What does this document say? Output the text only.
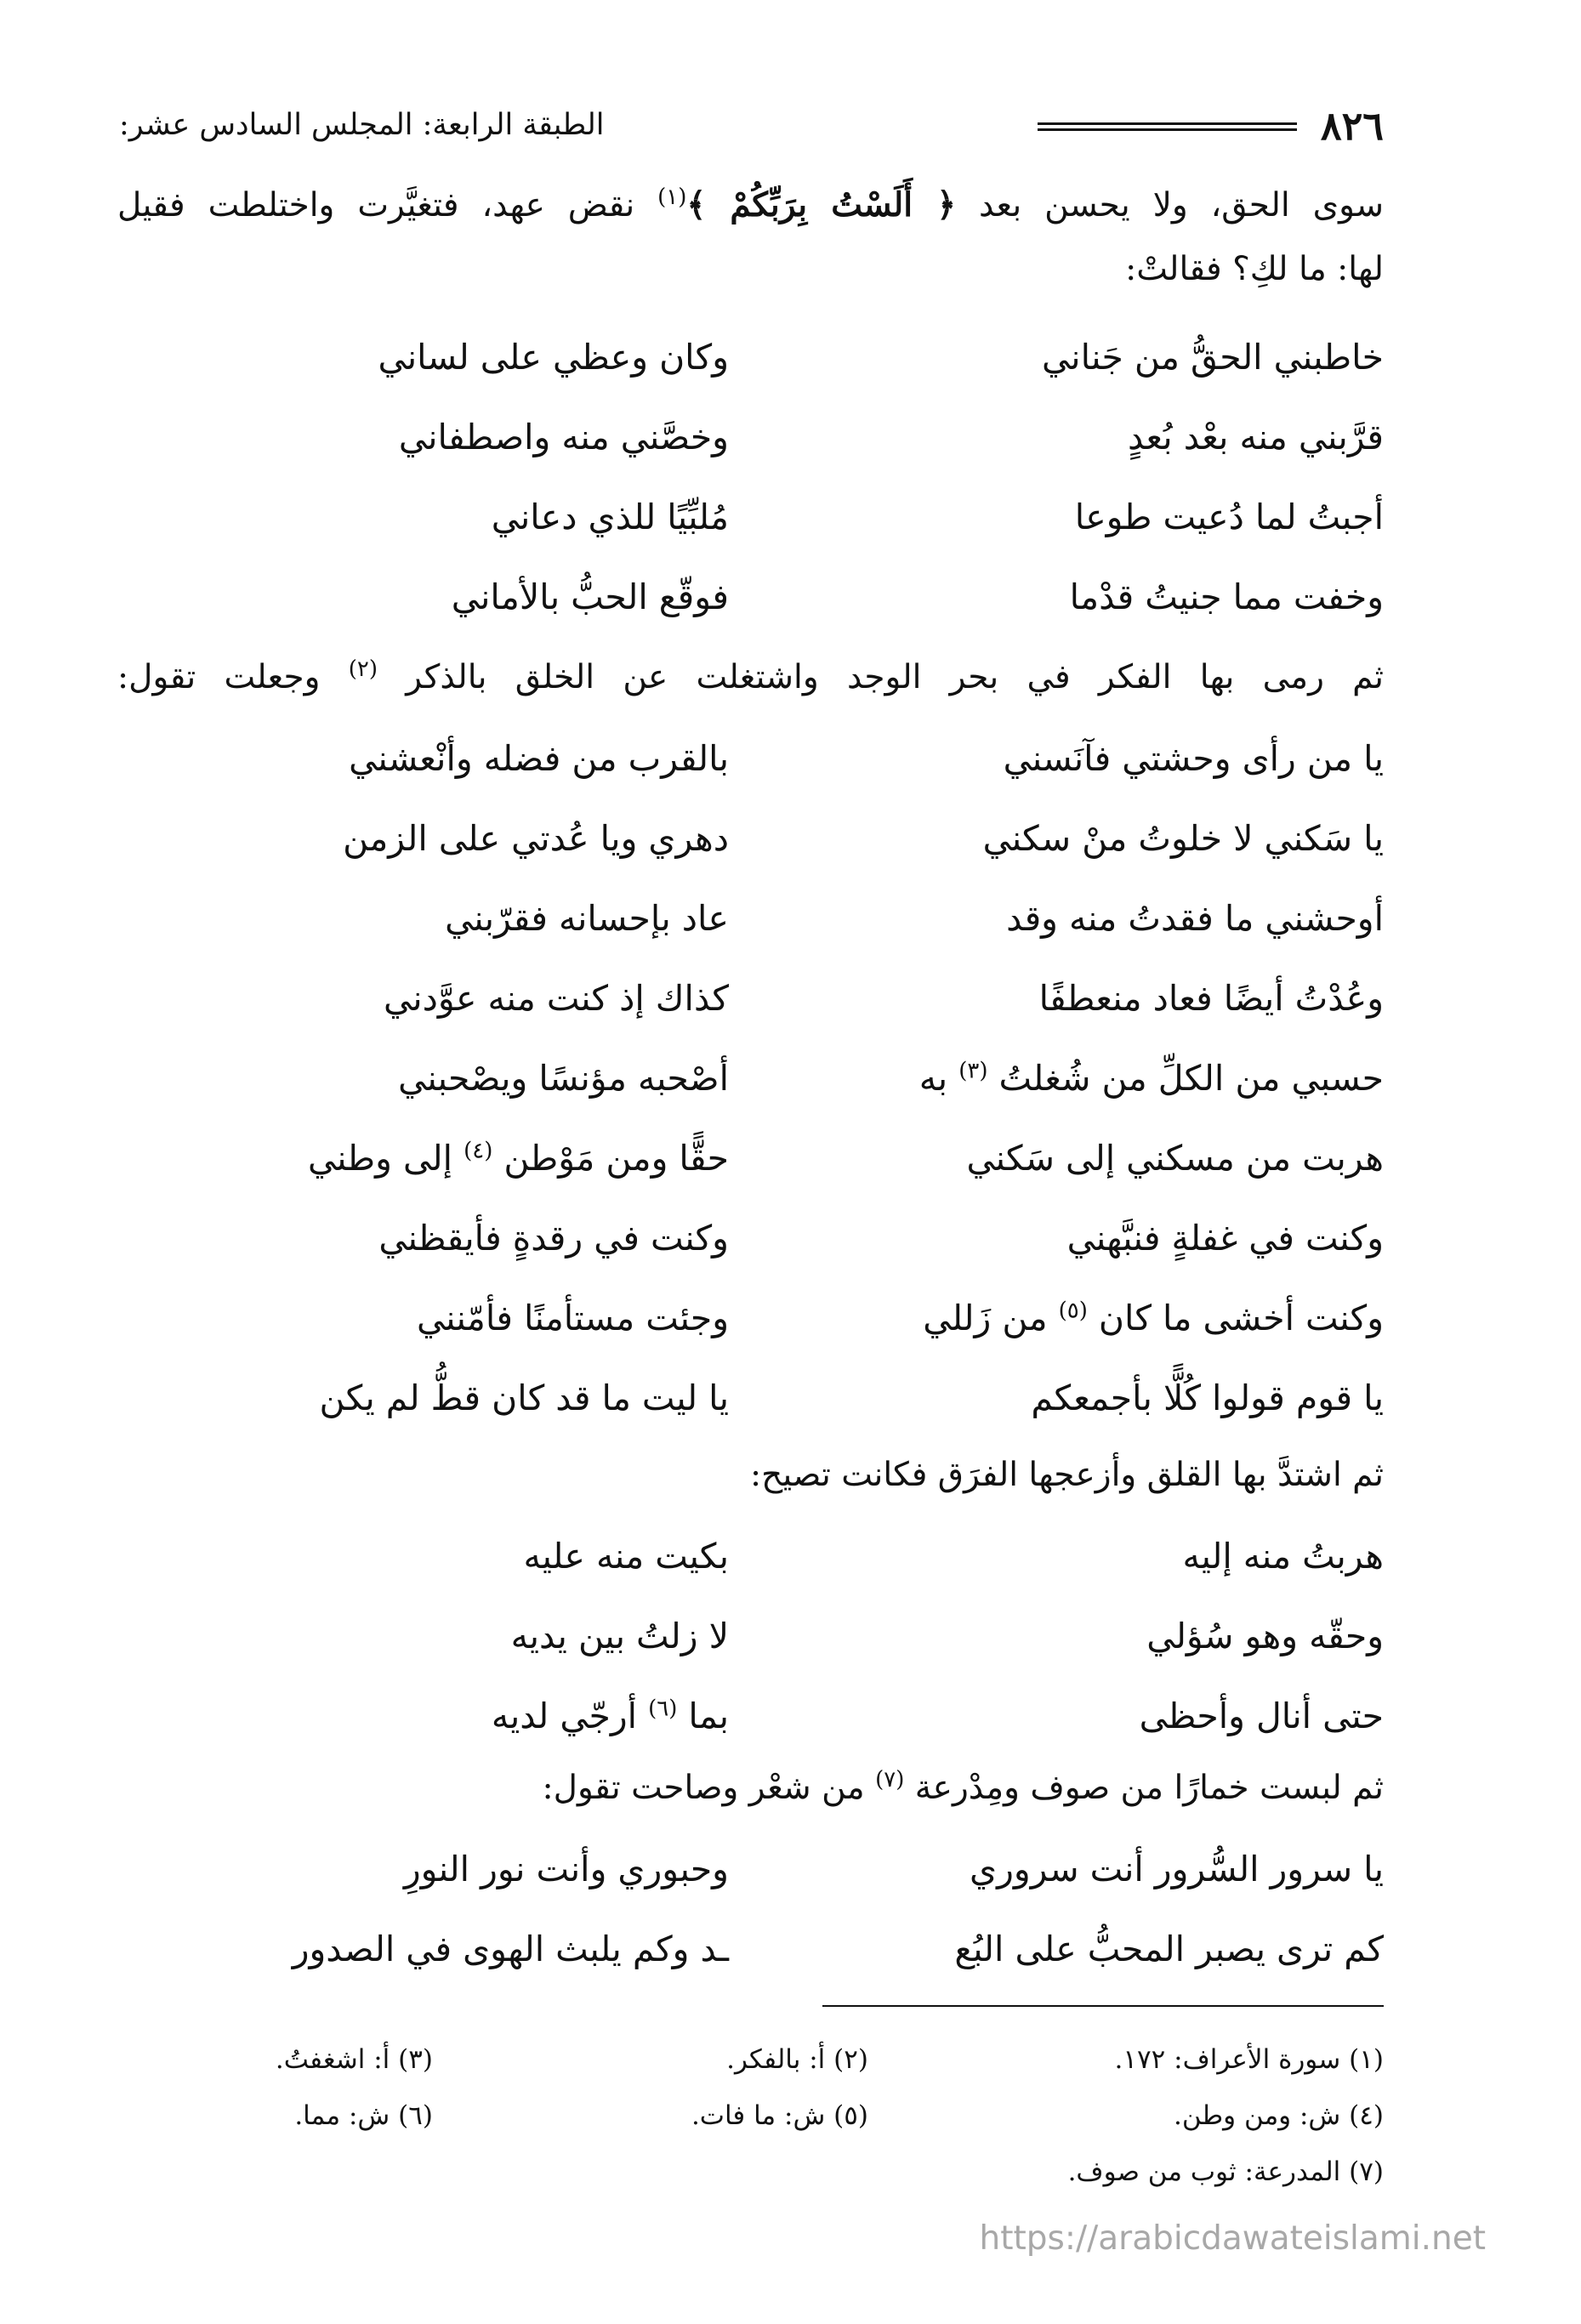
٨٢٦
الطبقة الرابعة: المجلس السادس عشر:
سوى الحق، ولا يحسن بعد ﴿ أَلَسْتُ بِرَبِّكُمْ ﴾$^{(١)}$ نقض عهد، فتغيَّرت واختلطت فقيل
لها: ما لكِ؟ فقالتْ:
خاطبني الحقُّ من جَناني
وكان وعظي على لساني
قرَّبني منه بعْد بُعدٍ
وخصَّني منه واصطفاني
أجبتُ لما دُعيت طوعا
مُلبِّيًا للذي دعاني
وخفت مما جنيتُ قدْما
فوقّع الحبُّ بالأماني
ثم رمى بها الفكر في بحر الوجد واشتغلت عن الخلق بالذكر $^{(٢)}$ وجعلت تقول:
يا من رأى وحشتي فآنَسني
بالقرب من فضله وأنْعشني
يا سَكني لا خلوتُ منْ سكني
دهري ويا عُدتي على الزمن
أوحشني ما فقدتُ منه وقد
عاد بإحسانه فقرّبني
وعُدْتُ أيضًا فعاد منعطفًا
كذاك إذ كنت منه عوَّدني
حسبي من الكلِّ من شُغلتُ $^{(٣)}$ به
أصْحبه مؤنسًا ويصْحبني
هربت من مسكني إلى سَكني
حقًّا ومن مَوْطن $^{(٤)}$ إلى وطني
وكنت في غفلةٍ فنبَّهني
وكنت في رقدةٍ فأيقظني
وكنت أخشى ما كان $^{(٥)}$ من زَللي
وجئت مستأمنًا فأمّنني
يا قوم قولوا كُلًّا بأجمعكم
يا ليت ما قد كان قطُّ لم يكن
ثم اشتدَّ بها القلق وأزعجها الفرَق فكانت تصيح:
هربتُ منه إليه
بكيت منه عليه
وحقّه وهو سُؤلي
لا زلتُ بين يديه
حتى أنال وأحظى
بما $^{(٦)}$ أرجّي لديه
ثم لبست خمارًا من صوف ومِدْرعة $^{(٧)}$ من شعْر وصاحت تقول:
يا سرور السُّرور أنت سروري
وحبوري وأنت نور النورِ
كم ترى يصبر المحبُّ على البُع
ـد وكم يلبث الهوى في الصدور
(١) سورة الأعراف: ١٧٢.
(٢) أ: بالفكر.
(٣) أ: اشغفتُ.
(٤) ش: ومن وطن.
(٥) ش: ما فات.
(٦) ش: مما.
(٧) المدرعة: ثوب من صوف.
https://arabicdawateislami.net
